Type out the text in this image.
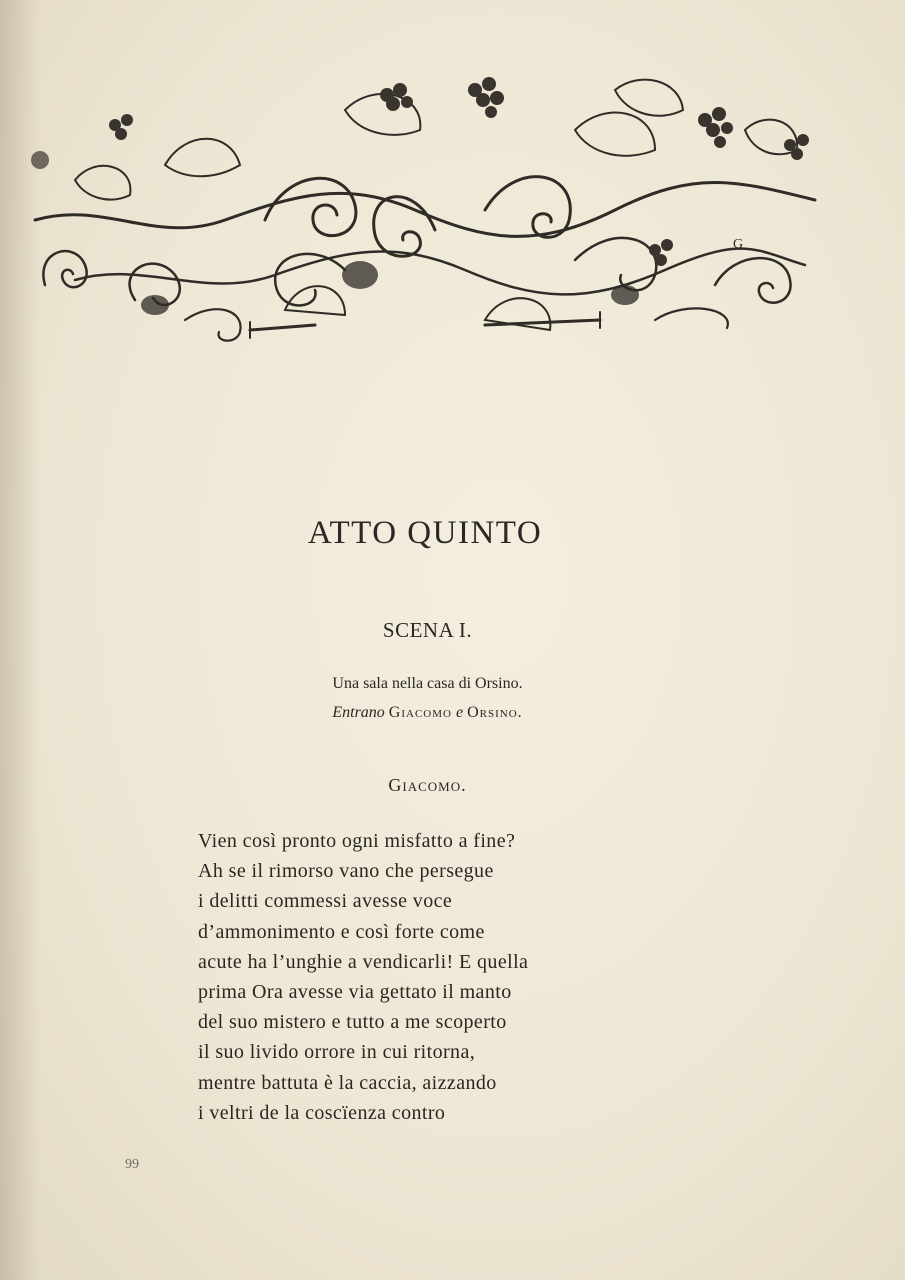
G
ATTO QUINTO
SCENA I.
Una sala nella casa di Orsino.
Entrano Giacomo e Orsino.
Giacomo.
Vien così pronto ogni misfatto a fine?
Ah se il rimorso vano che persegue
i delitti commessi avesse voce
d’ammonimento e così forte come
acute ha l’unghie a vendicarli! E quella
prima Ora avesse via gettato il manto
del suo mistero e tutto a me scoperto
il suo livido orrore in cui ritorna,
mentre battuta è la caccia, aizzando
i veltri de la coscïenza contro
99
